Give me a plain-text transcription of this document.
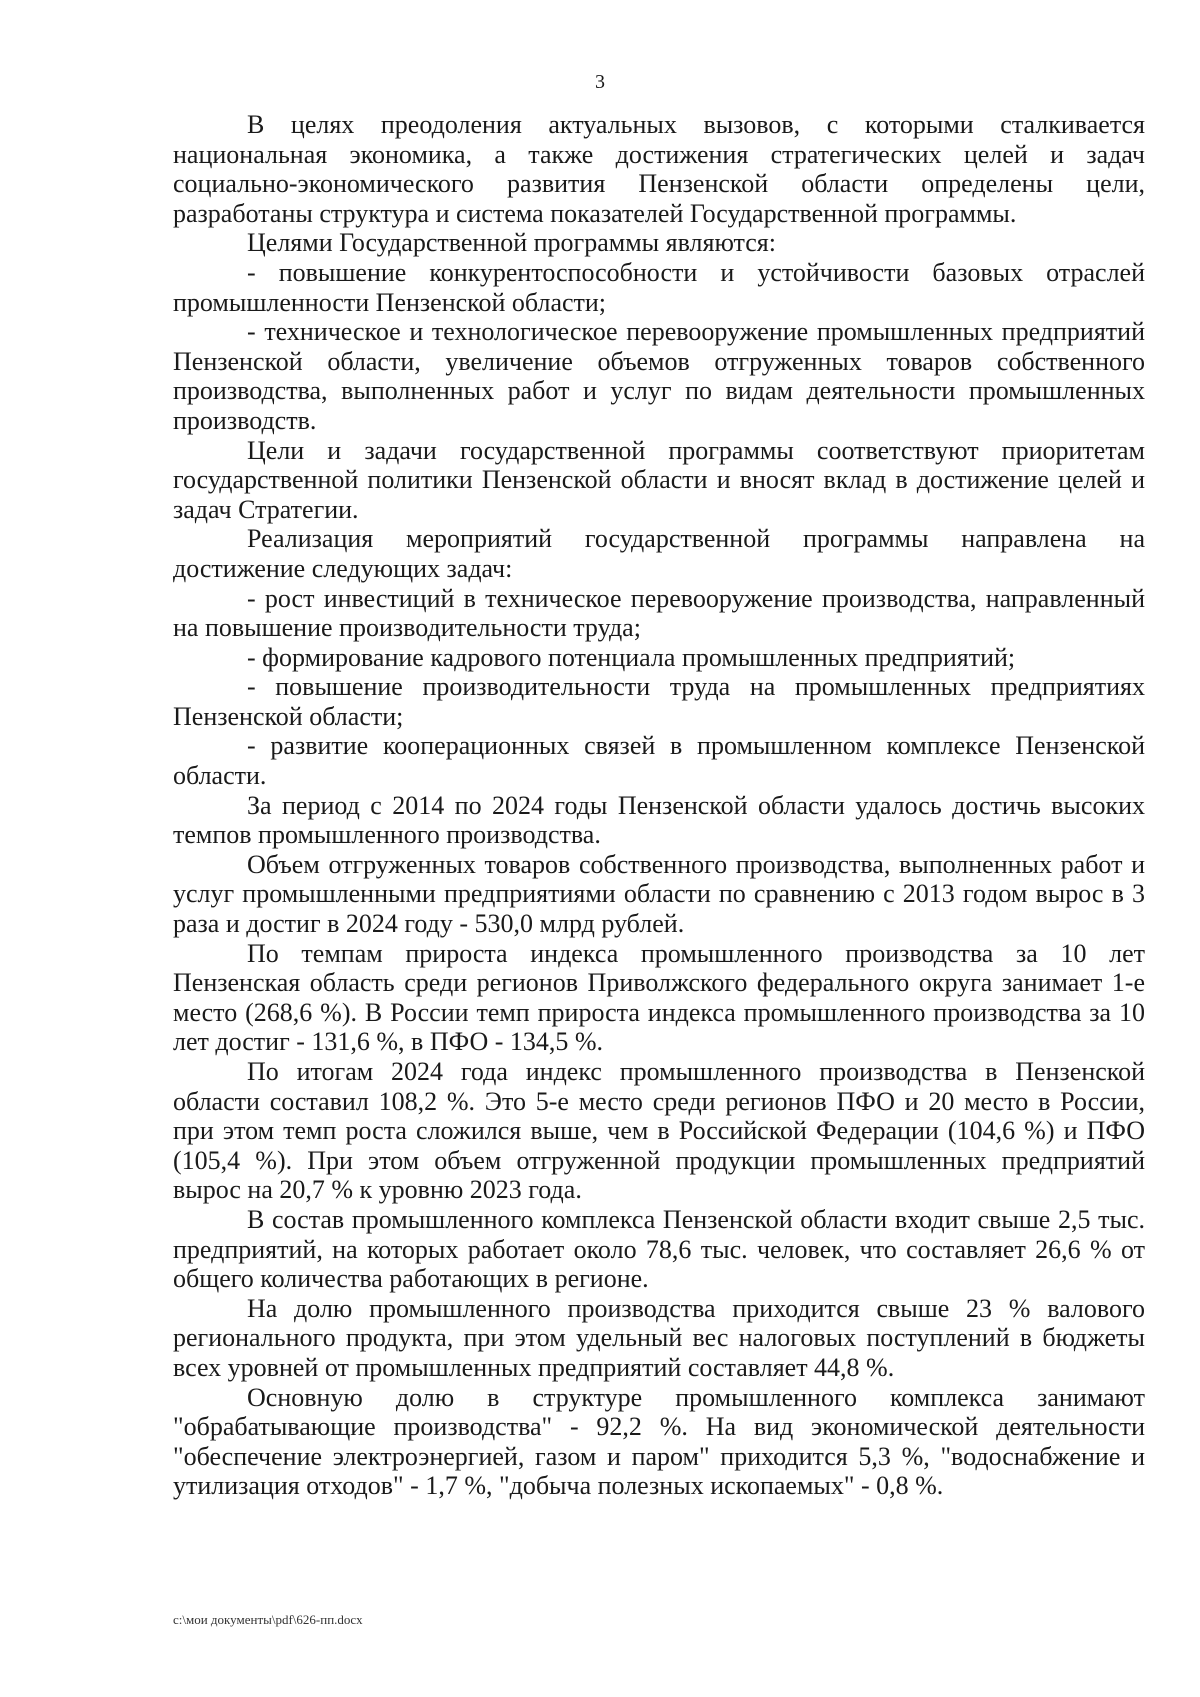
3

В целях преодоления актуальных вызовов, с которыми сталкивается национальная экономика, а также достижения стратегических целей и задач социально-экономического развития Пензенской области определены цели, разработаны структура и система показателей Государственной программы.

Целями Государственной программы являются:

- повышение конкурентоспособности и устойчивости базовых отраслей промышленности Пензенской области;

- техническое и технологическое перевооружение промышленных предприятий Пензенской области, увеличение объемов отгруженных товаров собственного производства, выполненных работ и услуг по видам деятельности промышленных производств.

Цели и задачи государственной программы соответствуют приоритетам государственной политики Пензенской области и вносят вклад в достижение целей и задач Стратегии.

Реализация мероприятий государственной программы направлена на достижение следующих задач:

- рост инвестиций в техническое перевооружение производства, направленный на повышение производительности труда;

- формирование кадрового потенциала промышленных предприятий;

- повышение производительности труда на промышленных предприятиях Пензенской области;

- развитие кооперационных связей в промышленном комплексе Пензенской области.

За период с 2014 по 2024 годы Пензенской области удалось достичь высоких темпов промышленного производства.

Объем отгруженных товаров собственного производства, выполненных работ и услуг промышленными предприятиями области по сравнению с 2013 годом вырос в 3 раза и достиг в 2024 году - 530,0 млрд рублей.

По темпам прироста индекса промышленного производства за 10 лет Пензенская область среди регионов Приволжского федерального округа занимает 1-е место (268,6 %). В России темп прироста индекса промышленного производства за 10 лет достиг - 131,6 %, в ПФО - 134,5 %.

По итогам 2024 года индекс промышленного производства в Пензенской области составил 108,2 %. Это 5-е место среди регионов ПФО и 20 место в России, при этом темп роста сложился выше, чем в Российской Федерации (104,6 %) и ПФО (105,4 %). При этом объем отгруженной продукции промышленных предприятий вырос на 20,7 % к уровню 2023 года.

В состав промышленного комплекса Пензенской области входит свыше 2,5 тыс. предприятий, на которых работает около 78,6 тыс. человек, что составляет 26,6 % от общего количества работающих в регионе.

На долю промышленного производства приходится свыше 23 % валового регионального продукта, при этом удельный вес налоговых поступлений в бюджеты всех уровней от промышленных предприятий составляет 44,8 %.

Основную долю в структуре промышленного комплекса занимают "обрабатывающие производства" - 92,2 %. На вид экономической деятельности "обеспечение электроэнергией, газом и паром" приходится 5,3 %, "водоснабжение и утилизация отходов" - 1,7 %, "добыча полезных ископаемых" - 0,8 %.

c:\мои документы\pdf\626-пп.docx
